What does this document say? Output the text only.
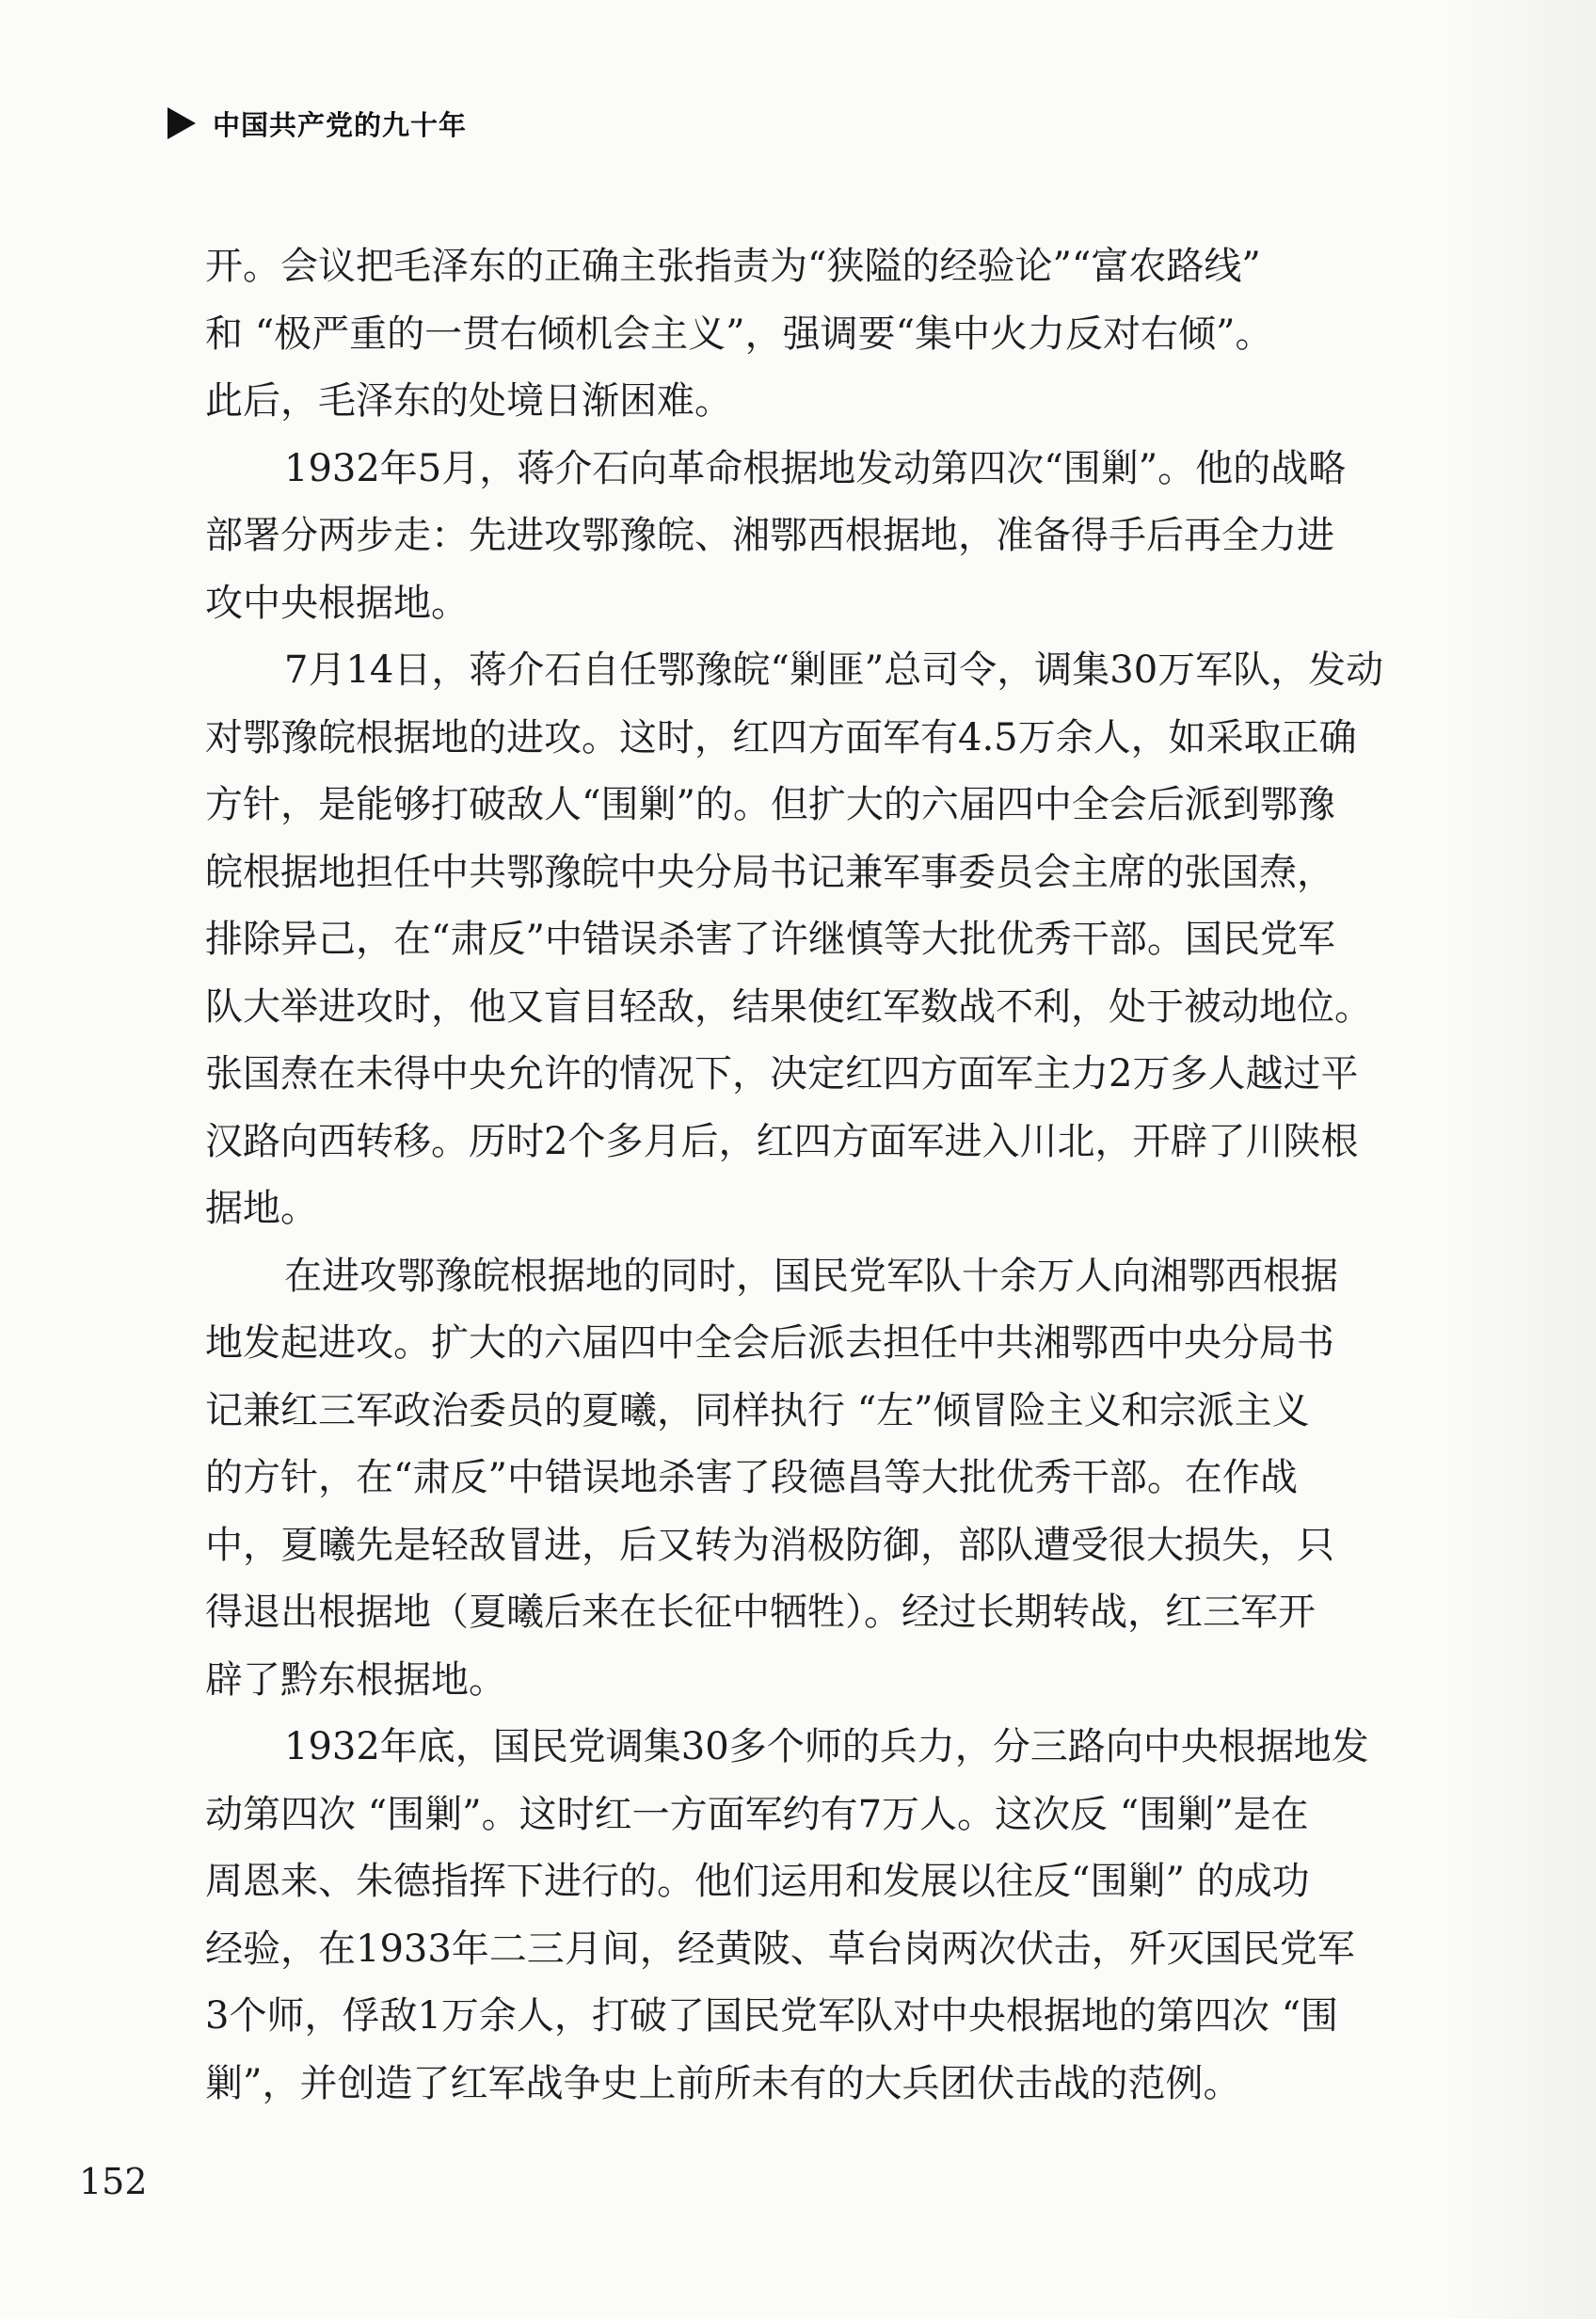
中国共产党的九十年
开。会议把毛泽东的正确主张指责为“狭隘的经验论”“富农路线”
和 “极严重的一贯右倾机会主义”，强调要“集中火力反对右倾”。
此后，毛泽东的处境日渐困难。
1932年5月，蒋介石向革命根据地发动第四次“围剿”。他的战略
部署分两步走：先进攻鄂豫皖、湘鄂西根据地，准备得手后再全力进
攻中央根据地。
7月14日，蒋介石自任鄂豫皖“剿匪”总司令，调集30万军队，发动
对鄂豫皖根据地的进攻。这时，红四方面军有4.5万余人，如采取正确
方针，是能够打破敌人“围剿”的。但扩大的六届四中全会后派到鄂豫
皖根据地担任中共鄂豫皖中央分局书记兼军事委员会主席的张国焘，
排除异己，在“肃反”中错误杀害了许继慎等大批优秀干部。国民党军
队大举进攻时，他又盲目轻敌，结果使红军数战不利，处于被动地位。
张国焘在未得中央允许的情况下，决定红四方面军主力2万多人越过平
汉路向西转移。历时2个多月后，红四方面军进入川北，开辟了川陕根
据地。
在进攻鄂豫皖根据地的同时，国民党军队十余万人向湘鄂西根据
地发起进攻。扩大的六届四中全会后派去担任中共湘鄂西中央分局书
记兼红三军政治委员的夏曦，同样执行 “左”倾冒险主义和宗派主义
的方针，在“肃反”中错误地杀害了段德昌等大批优秀干部。在作战
中，夏曦先是轻敌冒进，后又转为消极防御，部队遭受很大损失，只
得退出根据地（夏曦后来在长征中牺牲）。经过长期转战，红三军开
辟了黔东根据地。
1932年底，国民党调集30多个师的兵力，分三路向中央根据地发
动第四次 “围剿”。这时红一方面军约有7万人。这次反 “围剿”是在
周恩来、朱德指挥下进行的。他们运用和发展以往反“围剿” 的成功
经验，在1933年二三月间，经黄陂、草台岗两次伏击，歼灭国民党军
3个师，俘敌1万余人，打破了国民党军队对中央根据地的第四次 “围
剿”，并创造了红军战争史上前所未有的大兵团伏击战的范例。
152
